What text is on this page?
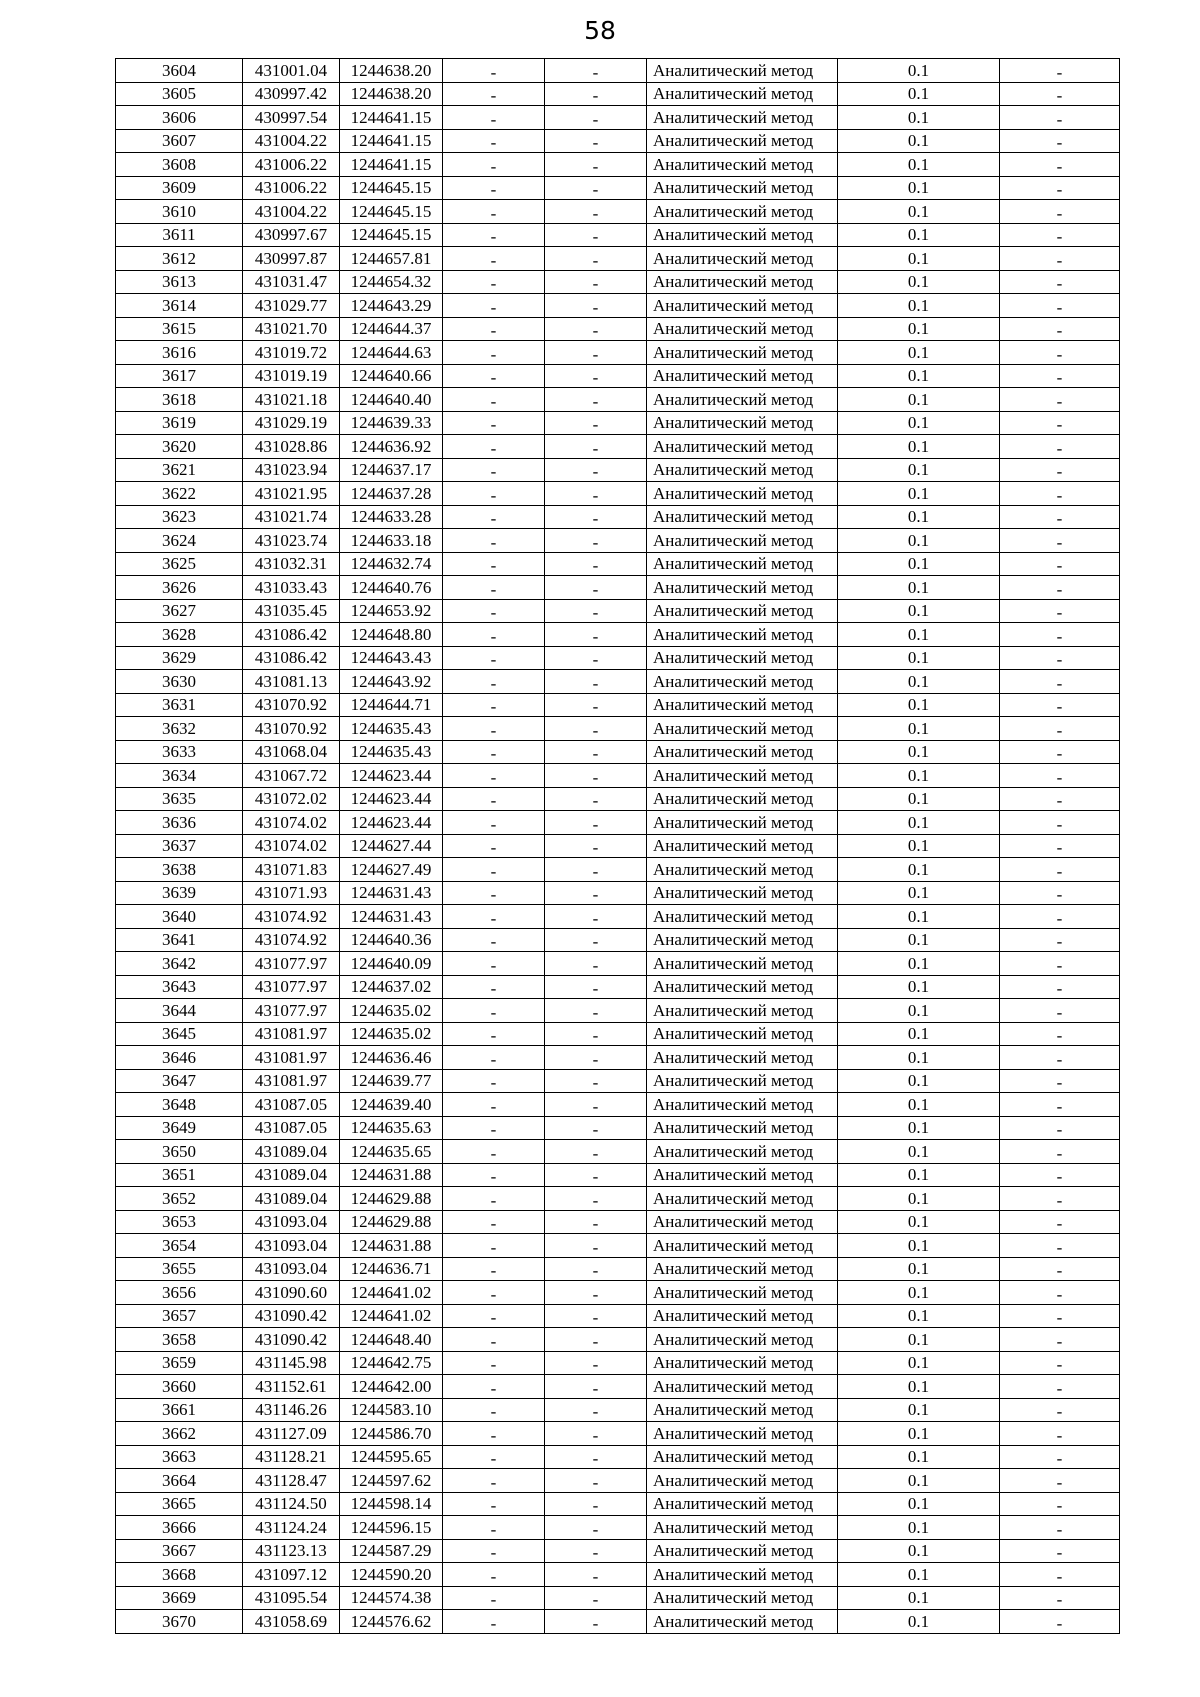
58
3604	431001.04	1244638.20	-	-	Аналитический метод	0.1	-
3605	430997.42	1244638.20	-	-	Аналитический метод	0.1	-
3606	430997.54	1244641.15	-	-	Аналитический метод	0.1	-
3607	431004.22	1244641.15	-	-	Аналитический метод	0.1	-
3608	431006.22	1244641.15	-	-	Аналитический метод	0.1	-
3609	431006.22	1244645.15	-	-	Аналитический метод	0.1	-
3610	431004.22	1244645.15	-	-	Аналитический метод	0.1	-
3611	430997.67	1244645.15	-	-	Аналитический метод	0.1	-
3612	430997.87	1244657.81	-	-	Аналитический метод	0.1	-
3613	431031.47	1244654.32	-	-	Аналитический метод	0.1	-
3614	431029.77	1244643.29	-	-	Аналитический метод	0.1	-
3615	431021.70	1244644.37	-	-	Аналитический метод	0.1	-
3616	431019.72	1244644.63	-	-	Аналитический метод	0.1	-
3617	431019.19	1244640.66	-	-	Аналитический метод	0.1	-
3618	431021.18	1244640.40	-	-	Аналитический метод	0.1	-
3619	431029.19	1244639.33	-	-	Аналитический метод	0.1	-
3620	431028.86	1244636.92	-	-	Аналитический метод	0.1	-
3621	431023.94	1244637.17	-	-	Аналитический метод	0.1	-
3622	431021.95	1244637.28	-	-	Аналитический метод	0.1	-
3623	431021.74	1244633.28	-	-	Аналитический метод	0.1	-
3624	431023.74	1244633.18	-	-	Аналитический метод	0.1	-
3625	431032.31	1244632.74	-	-	Аналитический метод	0.1	-
3626	431033.43	1244640.76	-	-	Аналитический метод	0.1	-
3627	431035.45	1244653.92	-	-	Аналитический метод	0.1	-
3628	431086.42	1244648.80	-	-	Аналитический метод	0.1	-
3629	431086.42	1244643.43	-	-	Аналитический метод	0.1	-
3630	431081.13	1244643.92	-	-	Аналитический метод	0.1	-
3631	431070.92	1244644.71	-	-	Аналитический метод	0.1	-
3632	431070.92	1244635.43	-	-	Аналитический метод	0.1	-
3633	431068.04	1244635.43	-	-	Аналитический метод	0.1	-
3634	431067.72	1244623.44	-	-	Аналитический метод	0.1	-
3635	431072.02	1244623.44	-	-	Аналитический метод	0.1	-
3636	431074.02	1244623.44	-	-	Аналитический метод	0.1	-
3637	431074.02	1244627.44	-	-	Аналитический метод	0.1	-
3638	431071.83	1244627.49	-	-	Аналитический метод	0.1	-
3639	431071.93	1244631.43	-	-	Аналитический метод	0.1	-
3640	431074.92	1244631.43	-	-	Аналитический метод	0.1	-
3641	431074.92	1244640.36	-	-	Аналитический метод	0.1	-
3642	431077.97	1244640.09	-	-	Аналитический метод	0.1	-
3643	431077.97	1244637.02	-	-	Аналитический метод	0.1	-
3644	431077.97	1244635.02	-	-	Аналитический метод	0.1	-
3645	431081.97	1244635.02	-	-	Аналитический метод	0.1	-
3646	431081.97	1244636.46	-	-	Аналитический метод	0.1	-
3647	431081.97	1244639.77	-	-	Аналитический метод	0.1	-
3648	431087.05	1244639.40	-	-	Аналитический метод	0.1	-
3649	431087.05	1244635.63	-	-	Аналитический метод	0.1	-
3650	431089.04	1244635.65	-	-	Аналитический метод	0.1	-
3651	431089.04	1244631.88	-	-	Аналитический метод	0.1	-
3652	431089.04	1244629.88	-	-	Аналитический метод	0.1	-
3653	431093.04	1244629.88	-	-	Аналитический метод	0.1	-
3654	431093.04	1244631.88	-	-	Аналитический метод	0.1	-
3655	431093.04	1244636.71	-	-	Аналитический метод	0.1	-
3656	431090.60	1244641.02	-	-	Аналитический метод	0.1	-
3657	431090.42	1244641.02	-	-	Аналитический метод	0.1	-
3658	431090.42	1244648.40	-	-	Аналитический метод	0.1	-
3659	431145.98	1244642.75	-	-	Аналитический метод	0.1	-
3660	431152.61	1244642.00	-	-	Аналитический метод	0.1	-
3661	431146.26	1244583.10	-	-	Аналитический метод	0.1	-
3662	431127.09	1244586.70	-	-	Аналитический метод	0.1	-
3663	431128.21	1244595.65	-	-	Аналитический метод	0.1	-
3664	431128.47	1244597.62	-	-	Аналитический метод	0.1	-
3665	431124.50	1244598.14	-	-	Аналитический метод	0.1	-
3666	431124.24	1244596.15	-	-	Аналитический метод	0.1	-
3667	431123.13	1244587.29	-	-	Аналитический метод	0.1	-
3668	431097.12	1244590.20	-	-	Аналитический метод	0.1	-
3669	431095.54	1244574.38	-	-	Аналитический метод	0.1	-
3670	431058.69	1244576.62	-	-	Аналитический метод	0.1	-
